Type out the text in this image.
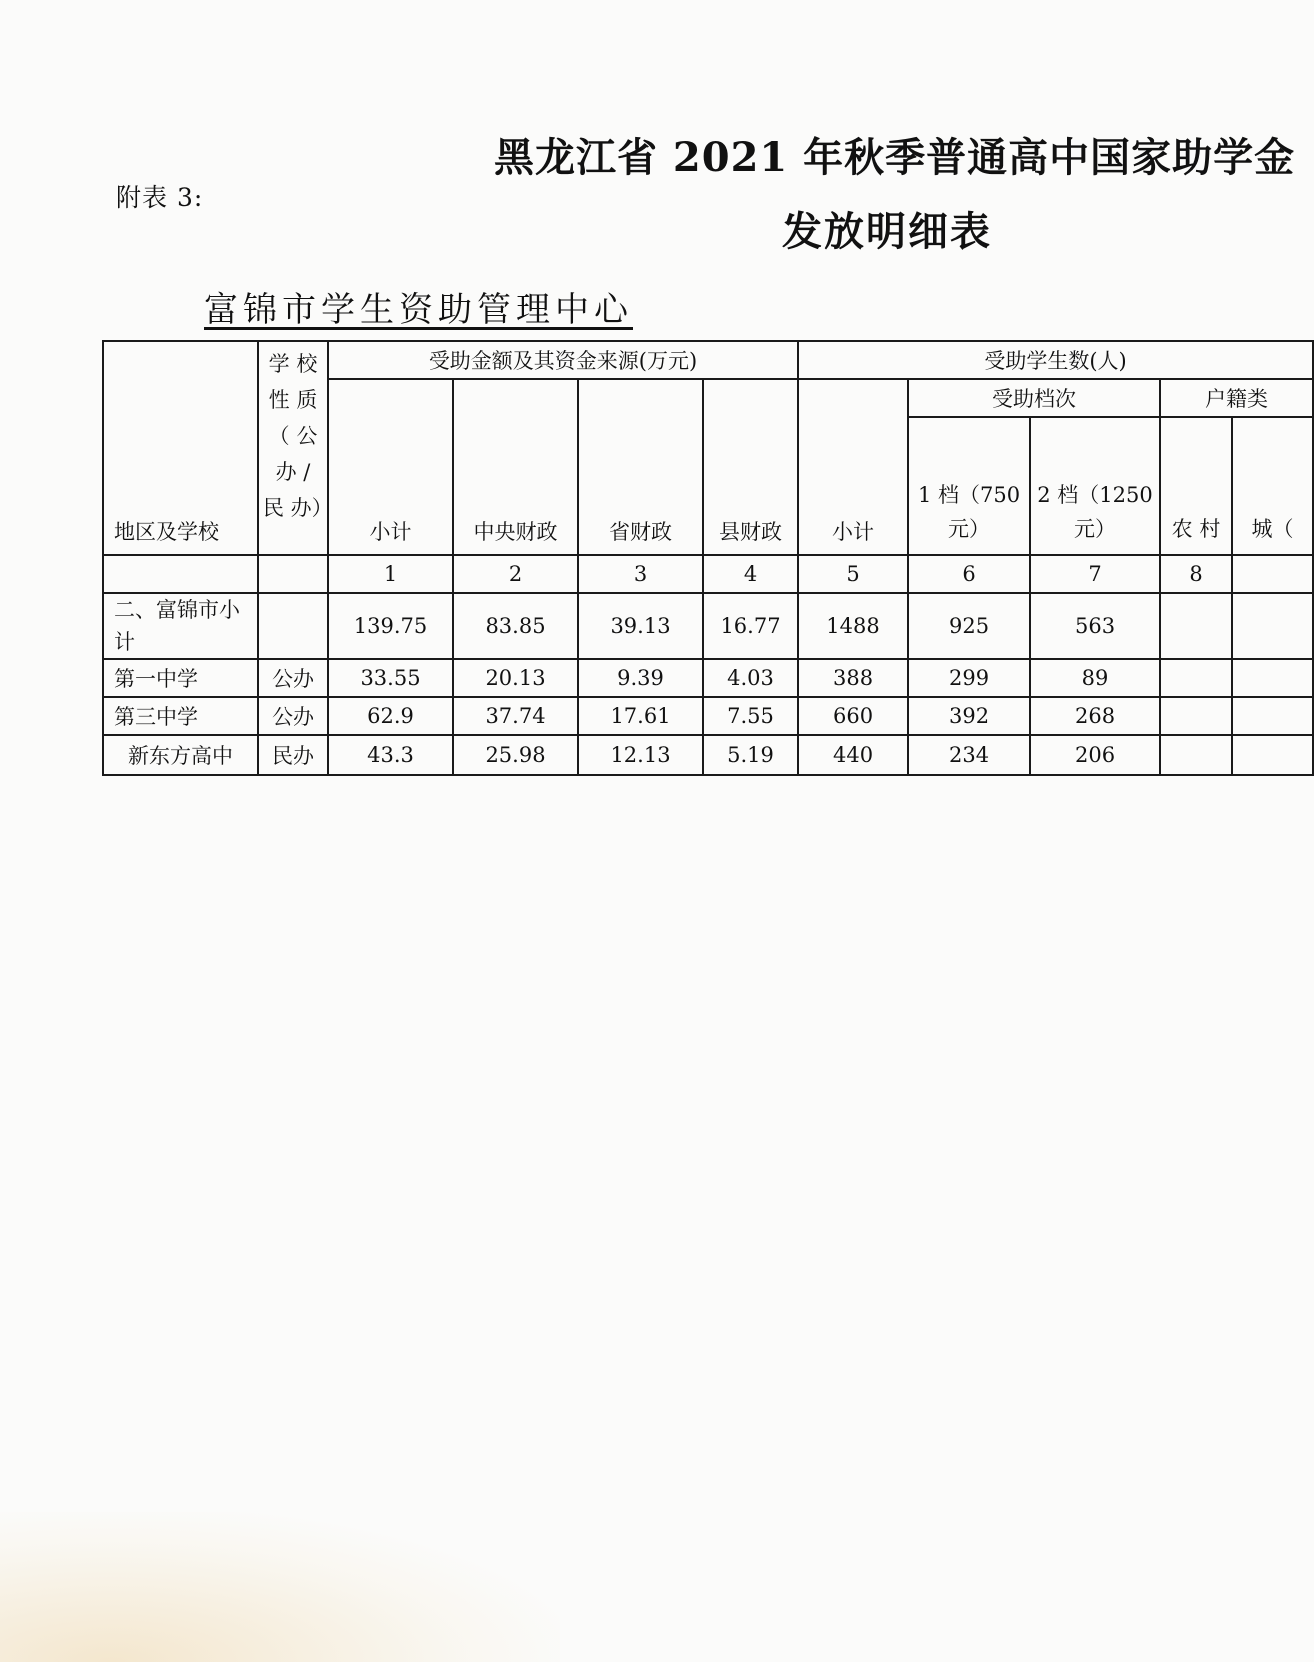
附表 3:
黑龙江省 2021 年秋季普通高中国家助学金
发放明细表
富锦市学生资助管理中心
地区及学校	学 校 性 质 （ 公 办 / 民 办）	受助金额及其资金来源(万元)				受助学生数(人)				
		小计	中央财政	省财政	县财政	小计	受助档次		户籍类	
							1 档（750 元）	2 档（1250 元）	农 村	城（
		1	2	3	4	5	6	7	8	
二、富锦市小计		139.75	83.85	39.13	16.77	1488	925	563		
第一中学	公办	33.55	20.13	9.39	4.03	388	299	89		
第三中学	公办	62.9	37.74	17.61	7.55	660	392	268		
新东方高中	民办	43.3	25.98	12.13	5.19	440	234	206		
